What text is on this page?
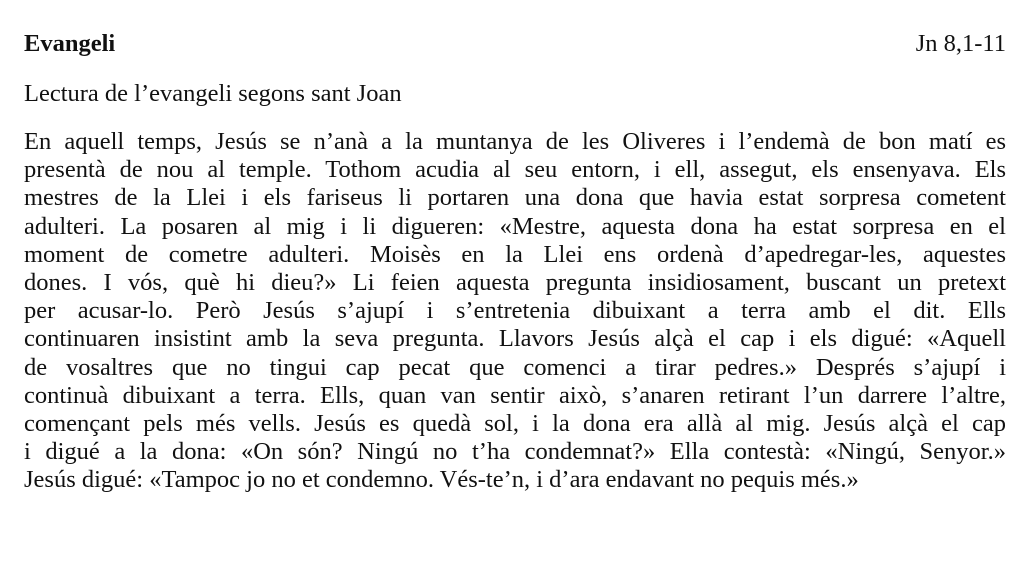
Evangeli	Jn 8,1-11
Lectura de l’evangeli segons sant Joan
En aquell temps, Jesús se n’anà a la muntanya de les Oliveres i l’endemà de bon matí es
presentà de nou al temple. Tothom acudia al seu entorn, i ell, assegut, els ensenyava. Els
mestres de la Llei i els fariseus li portaren una dona que havia estat sorpresa cometent
adulteri. La posaren al mig i li digueren: «Mestre, aquesta dona ha estat sorpresa en el
moment de cometre adulteri. Moisès en la Llei ens ordenà d’apedregar-les, aquestes
dones. I vós, què hi dieu?» Li feien aquesta pregunta insidiosament, buscant un pretext
per acusar-lo. Però Jesús s’ajupí i s’entretenia dibuixant a terra amb el dit. Ells
continuaren insistint amb la seva pregunta. Llavors Jesús alçà el cap i els digué: «Aquell
de vosaltres que no tingui cap pecat que comenci a tirar pedres.» Després s’ajupí i
continuà dibuixant a terra. Ells, quan van sentir això, s’anaren retirant l’un darrere l’altre,
començant pels més vells. Jesús es quedà sol, i la dona era allà al mig. Jesús alçà el cap
i digué a la dona: «On són? Ningú no t’ha condemnat?» Ella contestà: «Ningú, Senyor.»
Jesús digué: «Tampoc jo no et condemno. Vés-te’n, i d’ara endavant no pequis més.»
